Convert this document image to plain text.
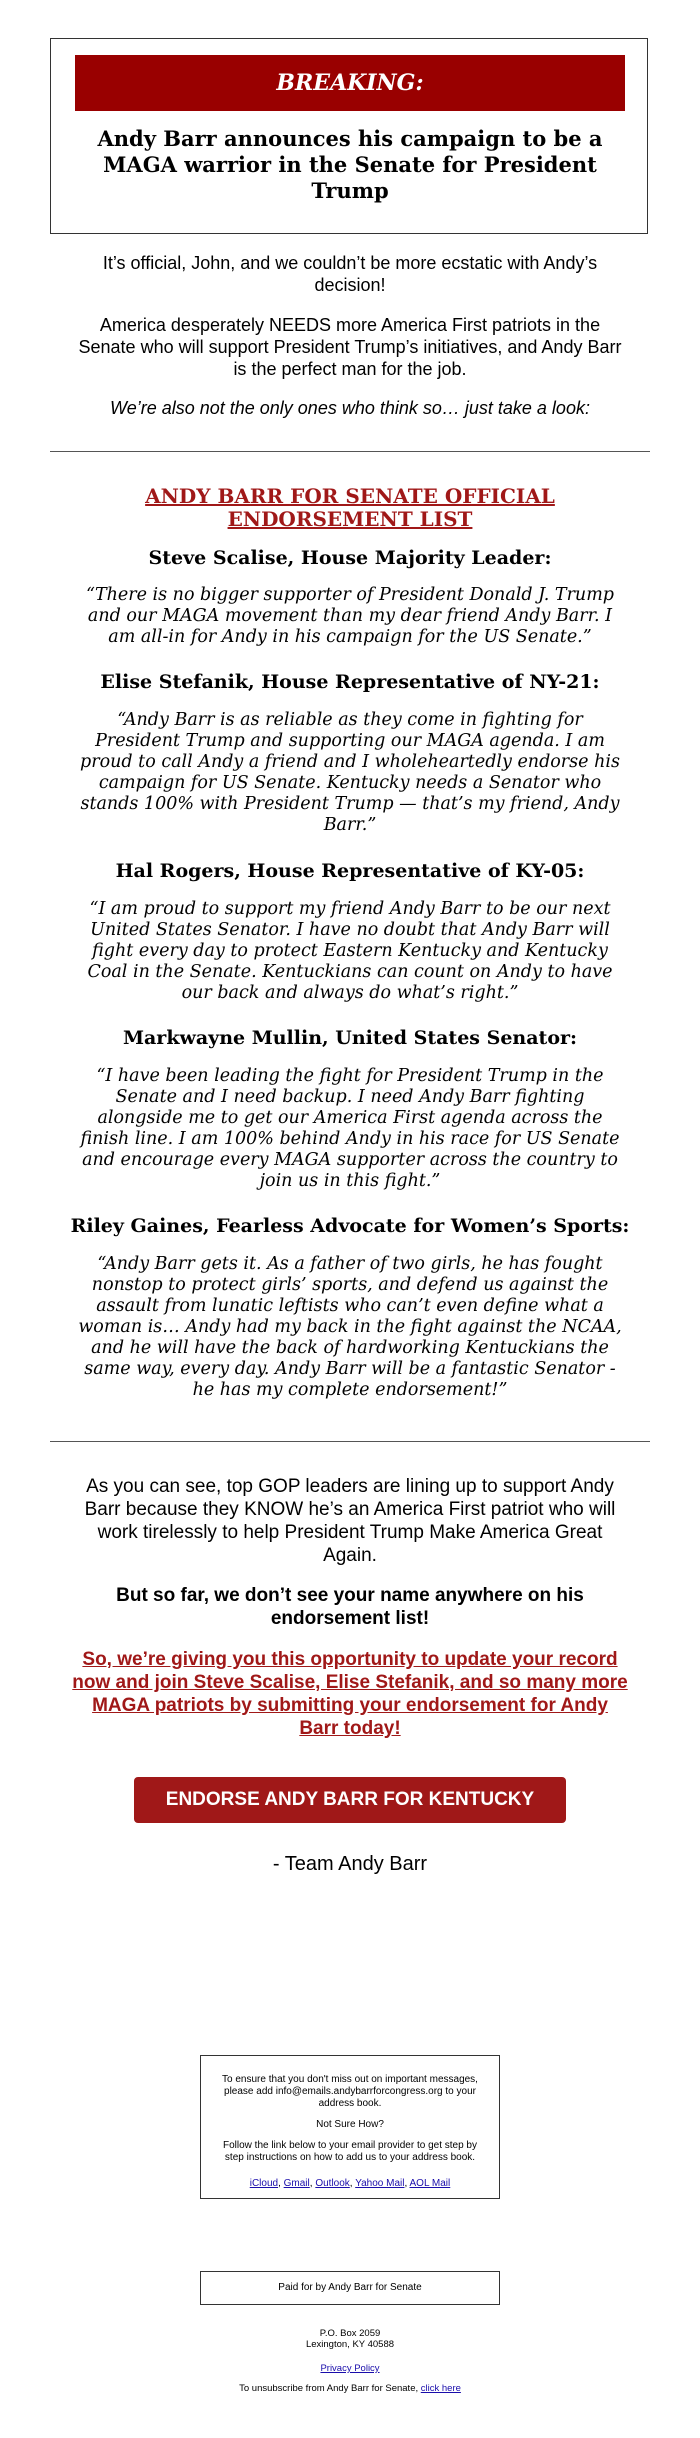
BREAKING:
Andy Barr announces his campaign to be a MAGA warrior in the Senate for President Trump
It’s official, John, and we couldn’t be more ecstatic with Andy’s decision!
America desperately NEEDS more America First patriots in the Senate who will support President Trump’s initiatives, and Andy Barr is the perfect man for the job.
We’re also not the only ones who think so… just take a look:
ANDY BARR FOR SENATE OFFICIAL ENDORSEMENT LIST
Steve Scalise, House Majority Leader:
“There is no bigger supporter of President Donald J. Trump and our MAGA movement than my dear friend Andy Barr. I am all-in for Andy in his campaign for the US Senate.”
Elise Stefanik, House Representative of NY-21:
“Andy Barr is as reliable as they come in fighting for President Trump and supporting our MAGA agenda. I am proud to call Andy a friend and I wholeheartedly endorse his campaign for US Senate. Kentucky needs a Senator who stands 100% with President Trump — that’s my friend, Andy Barr.”
Hal Rogers, House Representative of KY-05:
“I am proud to support my friend Andy Barr to be our next United States Senator. I have no doubt that Andy Barr will fight every day to protect Eastern Kentucky and Kentucky Coal in the Senate. Kentuckians can count on Andy to have our back and always do what’s right.”
Markwayne Mullin, United States Senator:
“I have been leading the fight for President Trump in the Senate and I need backup. I need Andy Barr fighting alongside me to get our America First agenda across the finish line. I am 100% behind Andy in his race for US Senate and encourage every MAGA supporter across the country to join us in this fight.”
Riley Gaines, Fearless Advocate for Women’s Sports:
“Andy Barr gets it. As a father of two girls, he has fought nonstop to protect girls’ sports, and defend us against the assault from lunatic leftists who can’t even define what a woman is… Andy had my back in the fight against the NCAA, and he will have the back of hardworking Kentuckians the same way, every day. Andy Barr will be a fantastic Senator - he has my complete endorsement!”
As you can see, top GOP leaders are lining up to support Andy Barr because they KNOW he’s an America First patriot who will work tirelessly to help President Trump Make America Great Again.
But so far, we don’t see your name anywhere on his endorsement list!
So, we’re giving you this opportunity to update your record now and join Steve Scalise, Elise Stefanik, and so many more MAGA patriots by submitting your endorsement for Andy Barr today!
ENDORSE ANDY BARR FOR KENTUCKY
- Team Andy Barr
To ensure that you don't miss out on important messages, please add info@emails.andybarrforcongress.org to your address book.
Not Sure How?
Follow the link below to your email provider to get step by step instructions on how to add us to your address book.
iCloud, Gmail, Outlook, Yahoo Mail, AOL Mail
Paid for by Andy Barr for Senate
P.O. Box 2059
Lexington, KY 40588
Privacy Policy
To unsubscribe from Andy Barr for Senate, click here
